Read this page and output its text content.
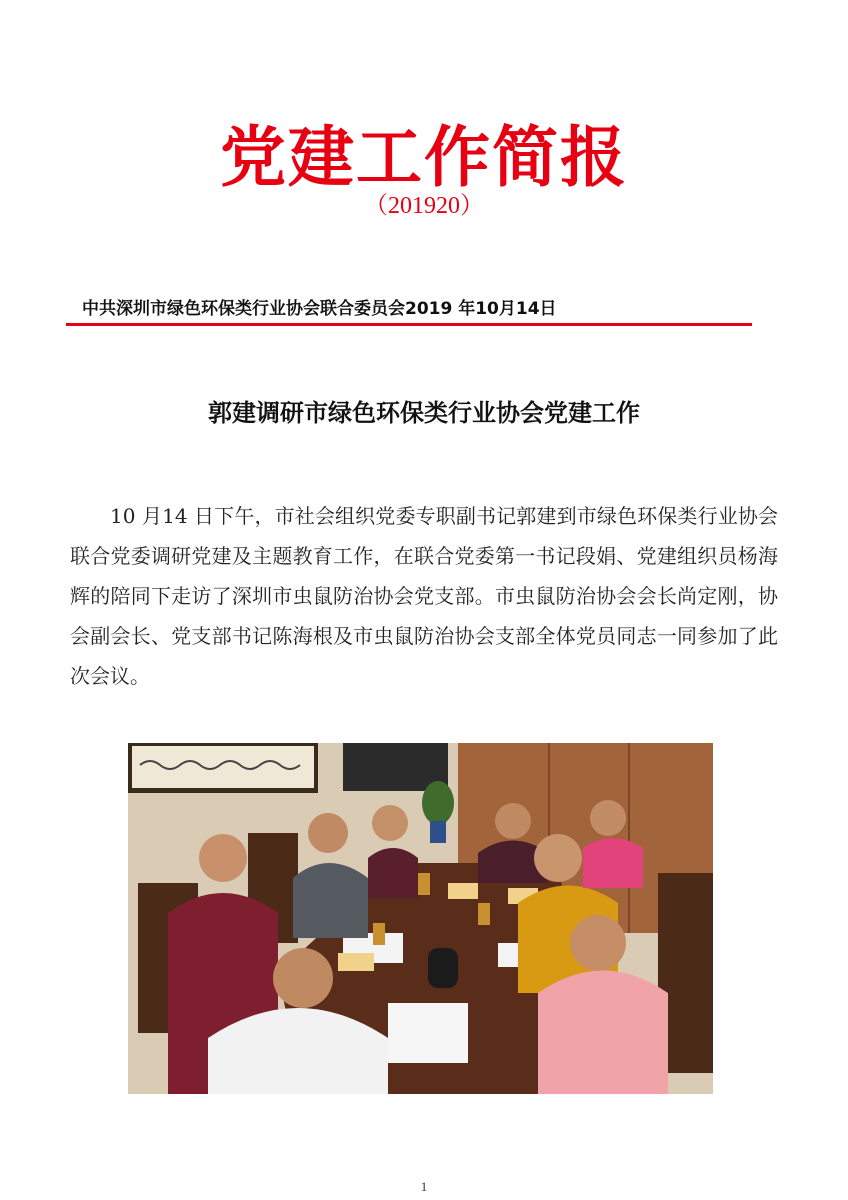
党建工作简报
（201920）
中共深圳市绿色环保类行业协会联合委员会2019 年10月14日
郭建调研市绿色环保类行业协会党建工作

10 月14 日下午，市社会组织党委专职副书记郭建到市绿色环保类行业协会联合党委调研党建及主题教育工作，在联合党委第一书记段娟、党建组织员杨海辉的陪同下走访了深圳市虫鼠防治协会党支部。市虫鼠防治协会会长尚定刚，协会副会长、党支部书记陈海根及市虫鼠防治协会支部全体党员同志一同参加了此次会议。

1
